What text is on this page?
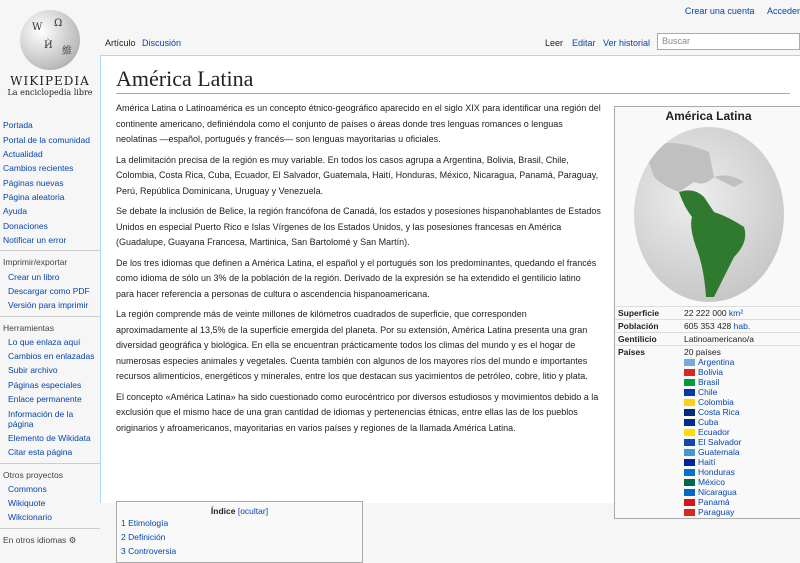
Crear una cuenta Acceder
W Ω
Ѝ
維
WIKIPEDIA
La enciclopedia libre
Portada
Portal de la comunidad
Actualidad
Cambios recientes
Páginas nuevas
Página aleatoria
Ayuda
Donaciones
Notificar un error
Imprimir/exportar
Crear un libro
Descargar como PDF
Versión para imprimir
Herramientas
Lo que enlaza aquí
Cambios en enlazadas
Subir archivo
Páginas especiales
Enlace permanente
Información de la página
Elemento de Wikidata
Citar esta página
Otros proyectos
Commons
Wikiquote
Wikcionario
En otros idiomas ⚙
Artículo Discusión	Leer Editar Ver historial	Buscar
América Latina

América Latina o Latinoamérica es un concepto étnico-geográfico aparecido en el siglo XIX para identificar una región del continente americano, definiéndola como el conjunto de países o áreas donde tres lenguas romances o lenguas neolatinas —español, portugués y francés— son lenguas mayoritarias u oficiales.

La delimitación precisa de la región es muy variable. En todos los casos agrupa a Argentina, Bolivia, Brasil, Chile, Colombia, Costa Rica, Cuba, Ecuador, El Salvador, Guatemala, Haití, Honduras, México, Nicaragua, Panamá, Paraguay, Perú, República Dominicana, Uruguay y Venezuela.

Se debate la inclusión de Belice, la región francófona de Canadá, los estados y posesiones hispanohablantes de Estados Unidos en especial Puerto Rico e Islas Vírgenes de los Estados Unidos, y las posesiones francesas en América (Guadalupe, Guayana Francesa, Martinica, San Bartolomé y San Martín).

De los tres idiomas que definen a América Latina, el español y el portugués son los predominantes, quedando el francés como idioma de sólo un 3% de la población de la región. Derivado de la expresión se ha extendido el gentilicio latino para hacer referencia a personas de cultura o ascendencia hispanoamericana.

La región comprende más de veinte millones de kilómetros cuadrados de superficie, que corresponden aproximadamente al 13,5% de la superficie emergida del planeta. Por su extensión, América Latina presenta una gran diversidad geográfica y biológica. En ella se encuentran prácticamente todos los climas del mundo y es el hogar de numerosas especies animales y vegetales. Cuenta también con algunos de los mayores ríos del mundo e importantes recursos alimenticios, energéticos y minerales, entre los que destacan sus yacimientos de petróleo, cobre, litio y plata.

El concepto «América Latina» ha sido cuestionado como eurocéntrico por diversos estudiosos y movimientos debido a la exclusión que el mismo hace de una gran cantidad de idiomas y pertenencias étnicas, entre ellas las de los pueblos originarios y afroamericanos, mayoritarias en varios países y regiones de la llamada América Latina.

América Latina
Superficie	22 222 000 km²
Población	605 353 428 hab.
Gentilicio	Latinoamericano/a
Países	20 países
Argentina
Bolivia
Brasil
Chile
Colombia
Costa Rica
Cuba
Ecuador
El Salvador
Guatemala
Haití
Honduras
México
Nicaragua
Panamá
Paraguay
Índice [ocultar]
1 Etimología
2 Definición
3 Controversia
